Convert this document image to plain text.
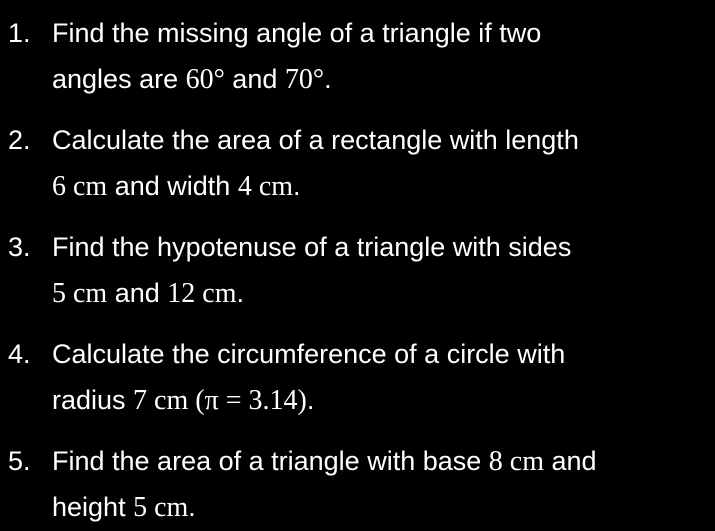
1. Find the missing angle of a triangle if two
angles are 60° and 70°.
2. Calculate the area of a rectangle with length
6 cm and width 4 cm.
3. Find the hypotenuse of a triangle with sides
5 cm and 12 cm.
4. Calculate the circumference of a circle with
radius 7 cm (π = 3.14).
5. Find the area of a triangle with base 8 cm and
height 5 cm.
